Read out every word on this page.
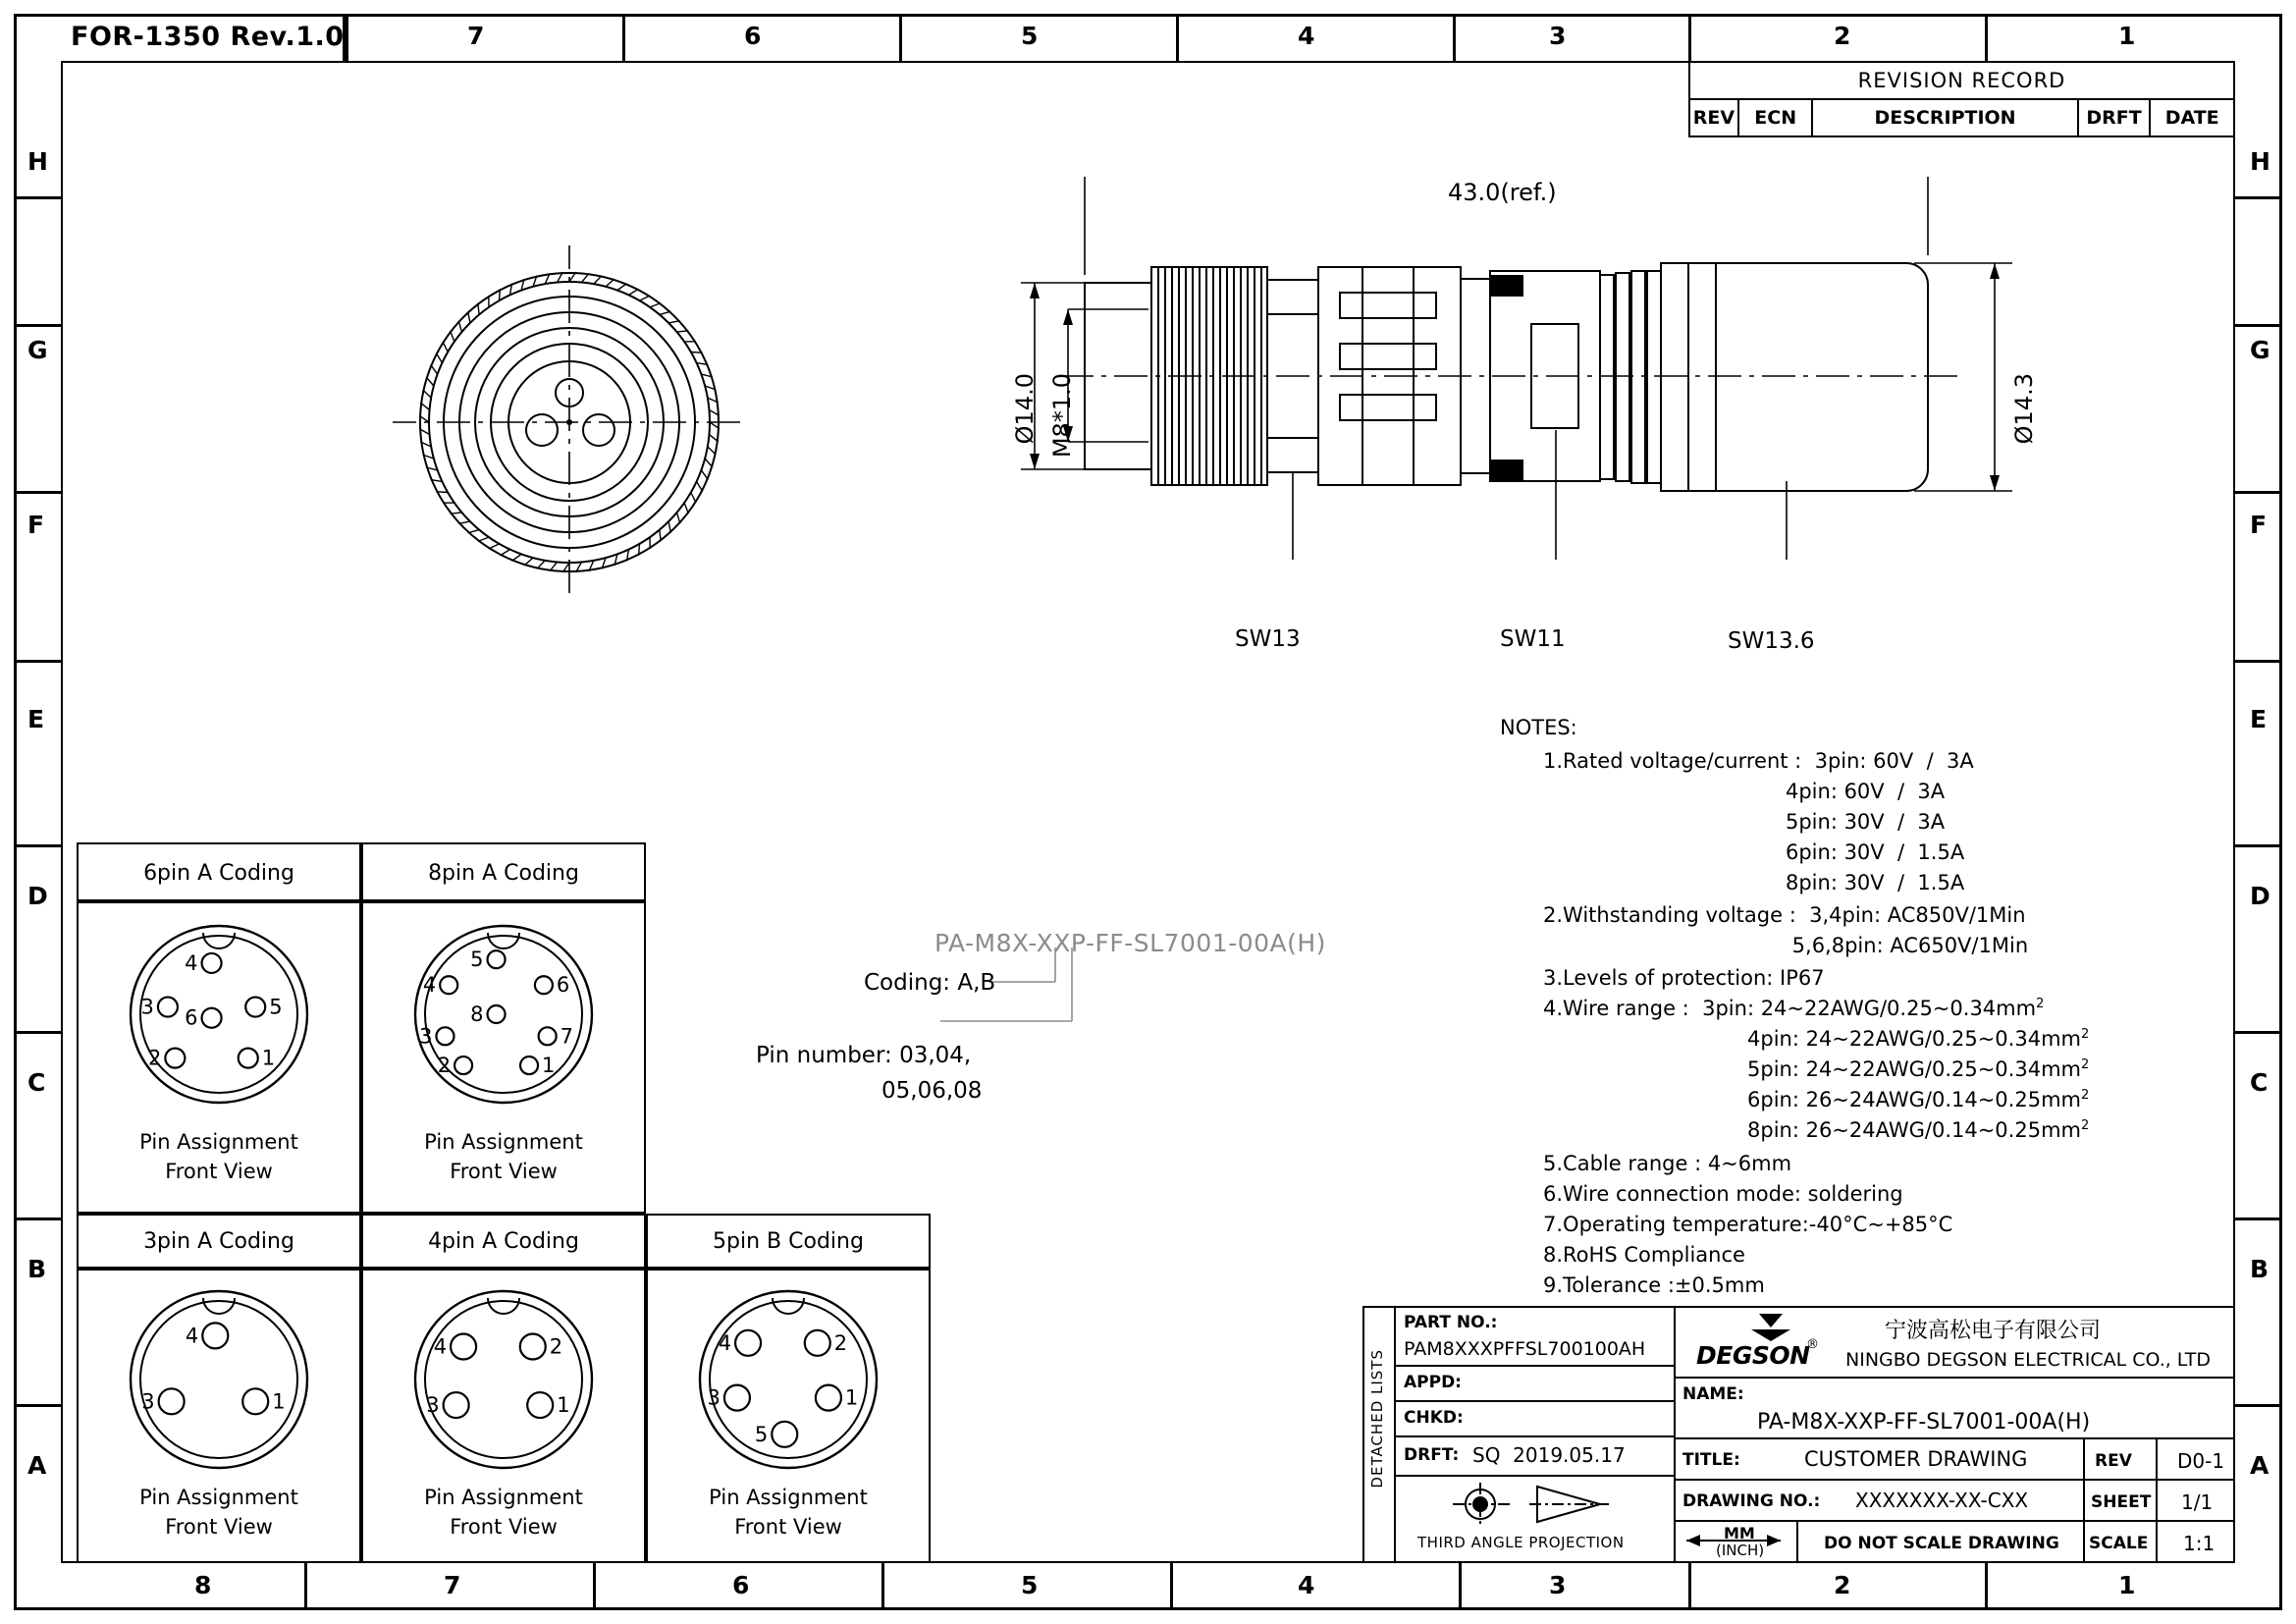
FOR-1350 Rev.1.0	7	6	5	4	3	2	1
8	7	6	5	4	3	2	1
H
G
F
E
D
C
B
A
H
G
F
E
D
C
B
A
REVISION RECORD
REV	ECN	DESCRIPTION	DRFT	DATE
43.0(ref.)
Ø14.0 M8*1.0	Ø14.3
SW13	SW11	SW13.6
PA-M8X-XXP-FF-SL7001-00A(H)
Coding: A,B
Pin number: 03,04,
05,06,08
NOTES:
1.Rated voltage/current :  3pin: 60V  /  3A
4pin: 60V  /  3A
5pin: 30V  /  3A
6pin: 30V  /  1.5A
8pin: 30V  /  1.5A
2.Withstanding voltage :  3,4pin: AC850V/1Min
5,6,8pin: AC650V/1Min
3.Levels of protection: IP67
4.Wire range :  3pin: $24\sim 22AWG/0.25\sim 0.34mm^2$
4pin: $24\sim 22AWG/0.25\sim 0.34mm^2$
5pin: $24\sim 22AWG/0.25\sim 0.34mm^2$
6pin: $26\sim 24AWG/0.14\sim 0.25mm^2$
8pin: $26\sim 24AWG/0.14\sim 0.25mm^2$
5.Cable range : 4~6mm
6.Wire connection mode: soldering
7.Operating temperature:-40°C~+85°C
8.RoHS Compliance
9.Tolerance :±0.5mm
6pin A Coding
4
3	5
6
2	1
Pin Assignment
Front View
8pin A Coding
5
4	6
8
3	7
2	1
Pin Assignment
Front View
3pin A Coding
4
3	1
Pin Assignment
Front View
4pin A Coding
4	2
3	1
Pin Assignment
Front View
5pin B Coding
4	2
3	1
5
Pin Assignment
Front View
DETACHED LISTS
PART NO.:
PAM8XXXPFFSL700100AH
APPD:
CHKD:
DRFT: SQ  2019.05.17
THIRD ANGLE PROJECTION
DEGSON
®
宁波高松电子有限公司
NINGBO DEGSON ELECTRICAL CO., LTD
NAME:
PA-M8X-XXP-FF-SL7001-00A(H)
TITLE:	CUSTOMER DRAWING	REV D0-1
DRAWING NO.: XXXXXXX-XX-CXX	SHEET 1/1
MM
(INCH)	DO NOT SCALE DRAWING SCALE 1:1
